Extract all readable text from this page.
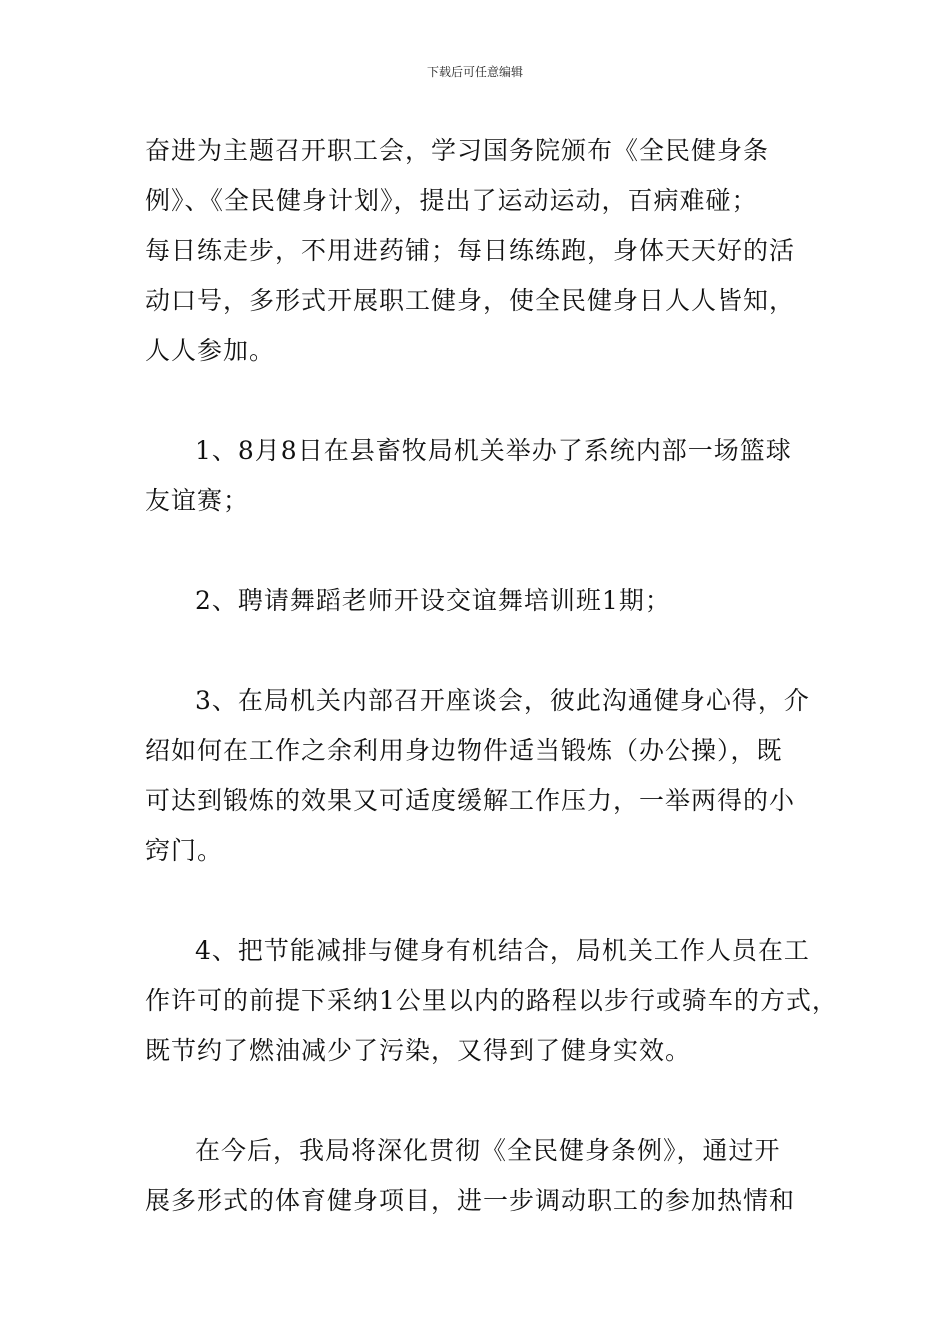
下载后可任意编辑

奋进为主题召开职工会，学习国务院颁布《全民健身条
例》、《全民健身计划》，提出了运动运动，百病难碰；
每日练走步，不用进药铺；每日练练跑，身体天天好的活
动口号，多形式开展职工健身，使全民健身日人人皆知，
人人参加。

1、8月8日在县畜牧局机关举办了系统内部一场篮球
友谊赛；

2、聘请舞蹈老师开设交谊舞培训班1期；

3、在局机关内部召开座谈会，彼此沟通健身心得，介
绍如何在工作之余利用身边物件适当锻炼（办公操），既
可达到锻炼的效果又可适度缓解工作压力，一举两得的小
窍门。

4、把节能减排与健身有机结合，局机关工作人员在工
作许可的前提下采纳1公里以内的路程以步行或骑车的方式，
既节约了燃油减少了污染，又得到了健身实效。

在今后，我局将深化贯彻《全民健身条例》，通过开
展多形式的体育健身项目，进一步调动职工的参加热情和
